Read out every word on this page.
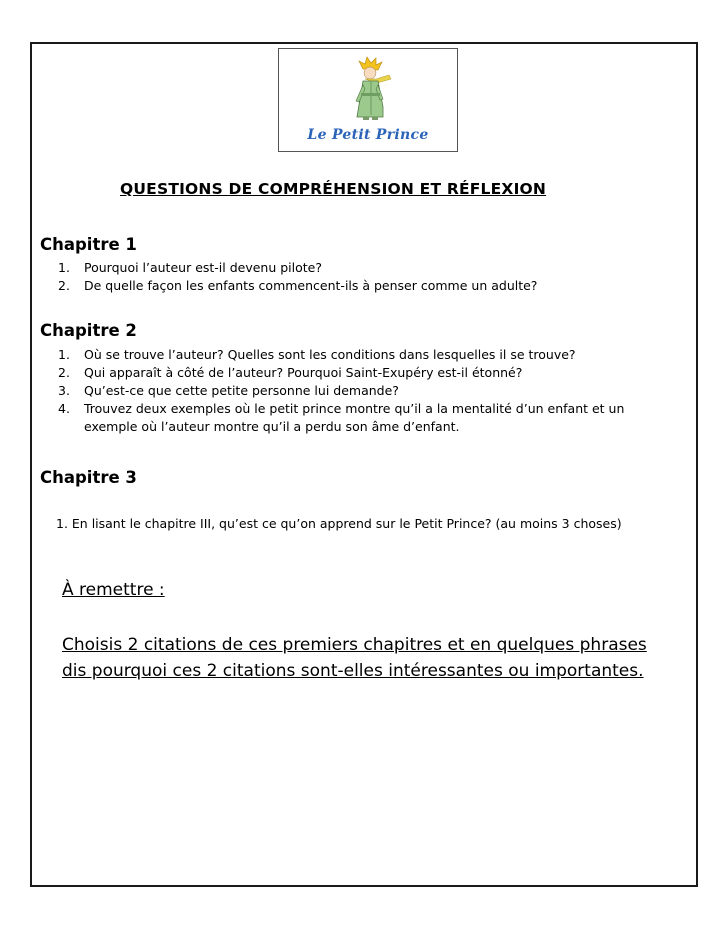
Le Petit Prince
QUESTIONS DE COMPRÉHENSION ET RÉFLEXION
Chapitre 1
1. Pourquoi l’auteur est-il devenu pilote?
2. De quelle façon les enfants commencent-ils à penser comme un adulte?
Chapitre 2
1. Où se trouve l’auteur? Quelles sont les conditions dans lesquelles il se trouve?
2. Qui apparaît à côté de l’auteur? Pourquoi Saint-Exupéry est-il étonné?
3. Qu’est-ce que cette petite personne lui demande?
4. Trouvez deux exemples où le petit prince montre qu’il a la mentalité d’un enfant et un
exemple où l’auteur montre qu’il a perdu son âme d’enfant.
Chapitre 3
1. En lisant le chapitre III, qu’est ce qu’on apprend sur le Petit Prince? (au moins 3 choses)
À remettre :
Choisis 2 citations de ces premiers chapitres et en quelques phrases
dis pourquoi ces 2 citations sont-elles intéressantes ou importantes.
